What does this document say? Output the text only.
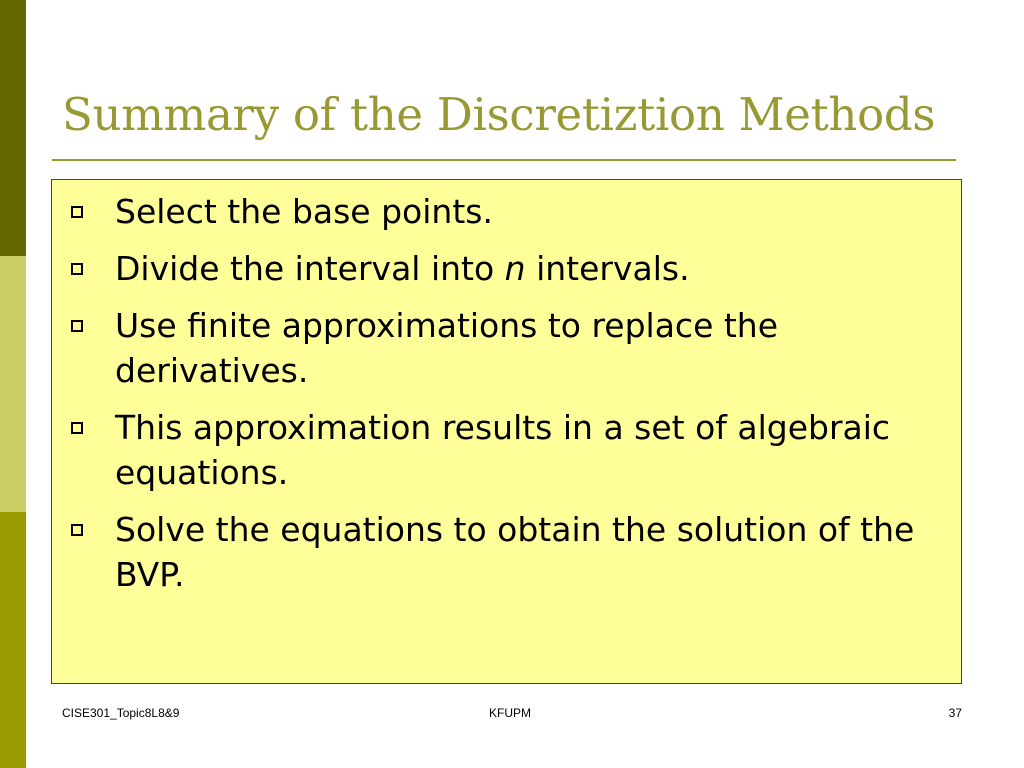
Summary of the Discretiztion Methods
Select the base points.
Divide the interval into n intervals.
Use finite approximations to replace the derivatives.
This approximation results in a set of algebraic equations.
Solve the equations to obtain the solution of the BVP.
CISE301_Topic8L8&9	KFUPM	37
